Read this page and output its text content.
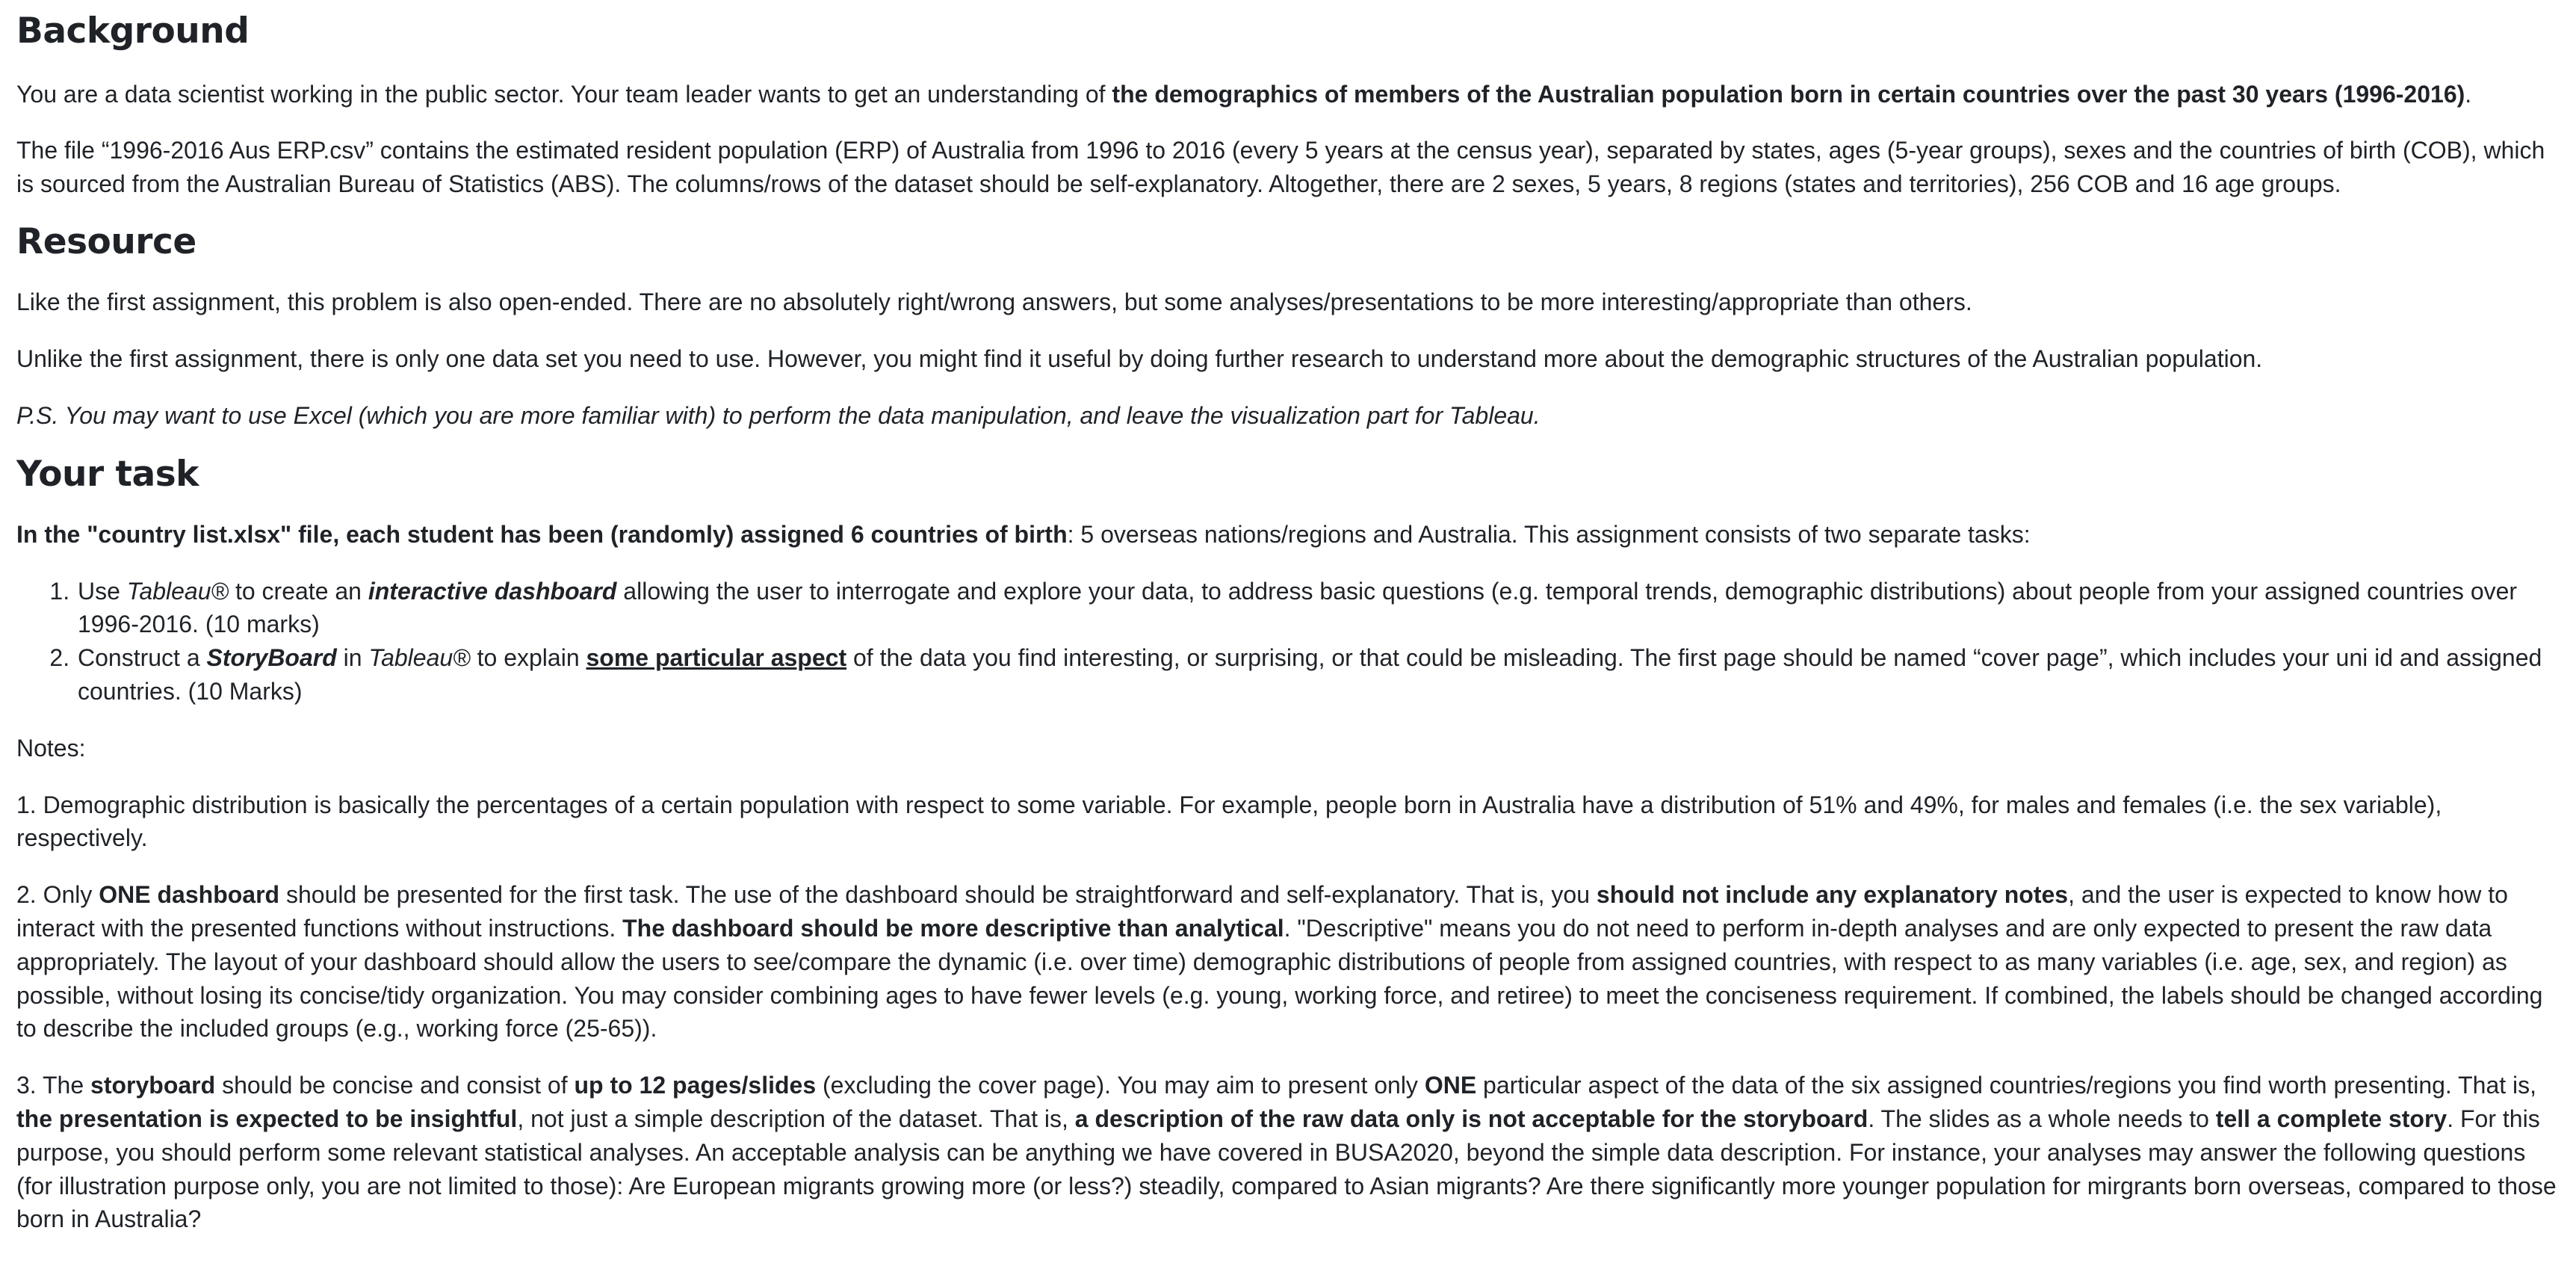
Background

You are a data scientist working in the public sector. Your team leader wants to get an understanding of the demographics of members of the Australian population born in certain countries over the past 30 years (1996-2016).

The file “1996-2016 Aus ERP.csv” contains the estimated resident population (ERP) of Australia from 1996 to 2016 (every 5 years at the census year), separated by states, ages (5-year groups), sexes and the countries of birth (COB), which is sourced from the Australian Bureau of Statistics (ABS). The columns/rows of the dataset should be self-explanatory. Altogether, there are 2 sexes, 5 years, 8 regions (states and territories), 256 COB and 16 age groups.

Resource

Like the first assignment, this problem is also open-ended. There are no absolutely right/wrong answers, but some analyses/presentations to be more interesting/appropriate than others.

Unlike the first assignment, there is only one data set you need to use. However, you might find it useful by doing further research to understand more about the demographic structures of the Australian population.

P.S. You may want to use Excel (which you are more familiar with) to perform the data manipulation, and leave the visualization part for Tableau.

Your task

In the "country list.xlsx" file, each student has been (randomly) assigned 6 countries of birth: 5 overseas nations/regions and Australia. This assignment consists of two separate tasks:

1. Use Tableau® to create an interactive dashboard allowing the user to interrogate and explore your data, to address basic questions (e.g. temporal trends, demographic distributions) about people from your assigned countries over
1996-2016. (10 marks)
2. Construct a StoryBoard in Tableau® to explain some particular aspect of the data you find interesting, or surprising, or that could be misleading. The first page should be named “cover page”, which includes your uni id and assigned countries. (10 Marks)

Notes:

1. Demographic distribution is basically the percentages of a certain population with respect to some variable. For example, people born in Australia have a distribution of 51% and 49%, for males and females (i.e. the sex variable), respectively.

2. Only ONE dashboard should be presented for the first task. The use of the dashboard should be straightforward and self-explanatory. That is, you should not include any explanatory notes, and the user is expected to know how to interact with the presented functions without instructions. The dashboard should be more descriptive than analytical. "Descriptive" means you do not need to perform in-depth analyses and are only expected to present the raw data appropriately. The layout of your dashboard should allow the users to see/compare the dynamic (i.e. over time) demographic distributions of people from assigned countries, with respect to as many variables (i.e. age, sex, and region) as possible, without losing its concise/tidy organization. You may consider combining ages to have fewer levels (e.g. young, working force, and retiree) to meet the conciseness requirement. If combined, the labels should be changed according to describe the included groups (e.g., working force (25-65)).

3. The storyboard should be concise and consist of up to 12 pages/slides (excluding the cover page). You may aim to present only ONE particular aspect of the data of the six assigned countries/regions you find worth presenting. That is, the presentation is expected to be insightful, not just a simple description of the dataset. That is, a description of the raw data only is not acceptable for the storyboard. The slides as a whole needs to tell a complete story. For this purpose, you should perform some relevant statistical analyses. An acceptable analysis can be anything we have covered in BUSA2020, beyond the simple data description. For instance, your analyses may answer the following questions (for illustration purpose only, you are not limited to those): Are European migrants growing more (or less?) steadily, compared to Asian migrants? Are there significantly more younger population for mirgrants born overseas, compared to those born in Australia?
